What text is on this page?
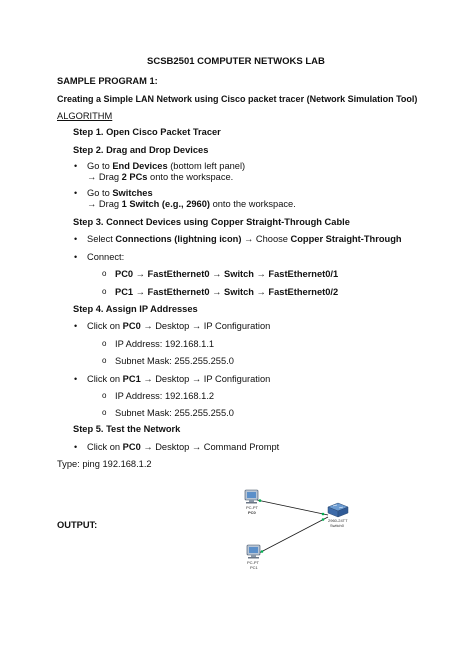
SCSB2501 COMPUTER NETWOKS LAB
SAMPLE PROGRAM 1:
Creating a Simple LAN Network using Cisco packet tracer (Network Simulation Tool)
ALGORITHM
Step 1. Open Cisco Packet Tracer
Step 2. Drag and Drop Devices
• Go to End Devices (bottom left panel)
→ Drag 2 PCs onto the workspace.
• Go to Switches
→ Drag 1 Switch (e.g., 2960) onto the workspace.
Step 3. Connect Devices using Copper Straight-Through Cable
• Select Connections (lightning icon) → Choose Copper Straight-Through
• Connect:
o PC0 → FastEthernet0 → Switch → FastEthernet0/1
o PC1 → FastEthernet0 → Switch → FastEthernet0/2
Step 4. Assign IP Addresses
• Click on PC0 → Desktop → IP Configuration
o IP Address: 192.168.1.1
o Subnet Mask: 255.255.255.0
• Click on PC1 → Desktop → IP Configuration
o IP Address: 192.168.1.2
o Subnet Mask: 255.255.255.0
Step 5. Test the Network
• Click on PC0 → Desktop → Command Prompt
Type: ping 192.168.1.2
OUTPUT:
PC-PT
PC0
2960-24TT
Switch0
PC-PT
PC1
